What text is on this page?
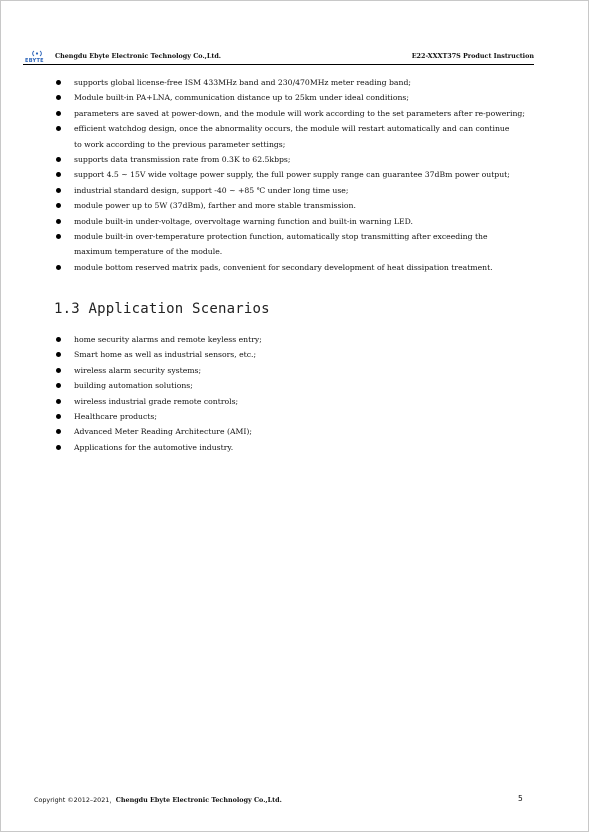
EBYTE
Chengdu Ebyte Electronic Technology Co.,Ltd.	E22-XXXT37S Product Instruction
supports global license-free ISM 433MHz band and 230/470MHz meter reading band;
Module built-in PA+LNA, communication distance up to 25km under ideal conditions;
parameters are saved at power-down, and the module will work according to the set parameters after re-powering;
efficient watchdog design, once the abnormality occurs, the module will restart automatically and can continue
to work according to the previous parameter settings;
supports data transmission rate from 0.3K to 62.5kbps;
support 4.5 ~ 15V wide voltage power supply, the full power supply range can guarantee 37dBm power output;
industrial standard design, support -40 ~ +85 ℃ under long time use;
module power up to 5W (37dBm), farther and more stable transmission.
module built-in under-voltage, overvoltage warning function and built-in warning LED.
module built-in over-temperature protection function, automatically stop transmitting after exceeding the
maximum temperature of the module.
module bottom reserved matrix pads, convenient for secondary development of heat dissipation treatment.
1.3 Application Scenarios
home security alarms and remote keyless entry;
Smart home as well as industrial sensors, etc.;
wireless alarm security systems;
building automation solutions;
wireless industrial grade remote controls;
Healthcare products;
Advanced Meter Reading Architecture (AMI);
Applications for the automotive industry.
Copyright ©2012–2021，Chengdu Ebyte Electronic Technology Co.,Ltd.	5
